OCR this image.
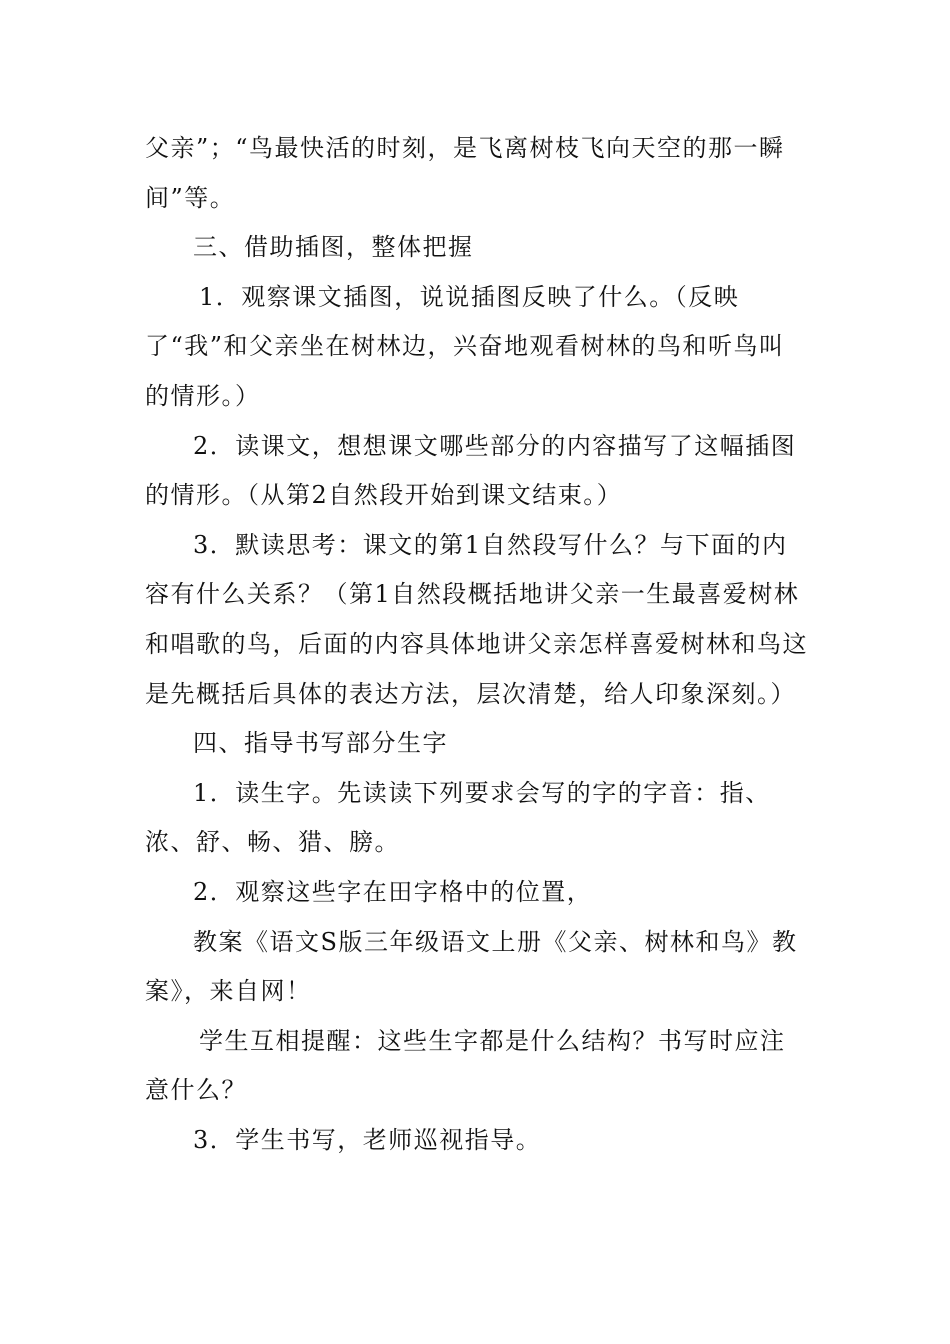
父亲”；“鸟最快活的时刻，是飞离树枝飞向天空的那一瞬间”等。

三、借助插图，整体把握

1．观察课文插图，说说插图反映了什么。（反映了“我”和父亲坐在树林边，兴奋地观看树林的鸟和听鸟叫的情形。）

2．读课文，想想课文哪些部分的内容描写了这幅插图的情形。（从第2自然段开始到课文结束。）

3．默读思考：课文的第1自然段写什么？与下面的内容有什么关系？（第1自然段概括地讲父亲一生最喜爱树林和唱歌的鸟，后面的内容具体地讲父亲怎样喜爱树林和鸟这是先概括后具体的表达方法，层次清楚，给人印象深刻。）

四、指导书写部分生字

1．读生字。先读读下列要求会写的字的字音：指、浓、舒、畅、猎、膀。

2．观察这些字在田字格中的位置，

教案《语文S版三年级语文上册《父亲、树林和鸟》教案》，来自网！

学生互相提醒：这些生字都是什么结构？书写时应注意什么？

3．学生书写，老师巡视指导。
